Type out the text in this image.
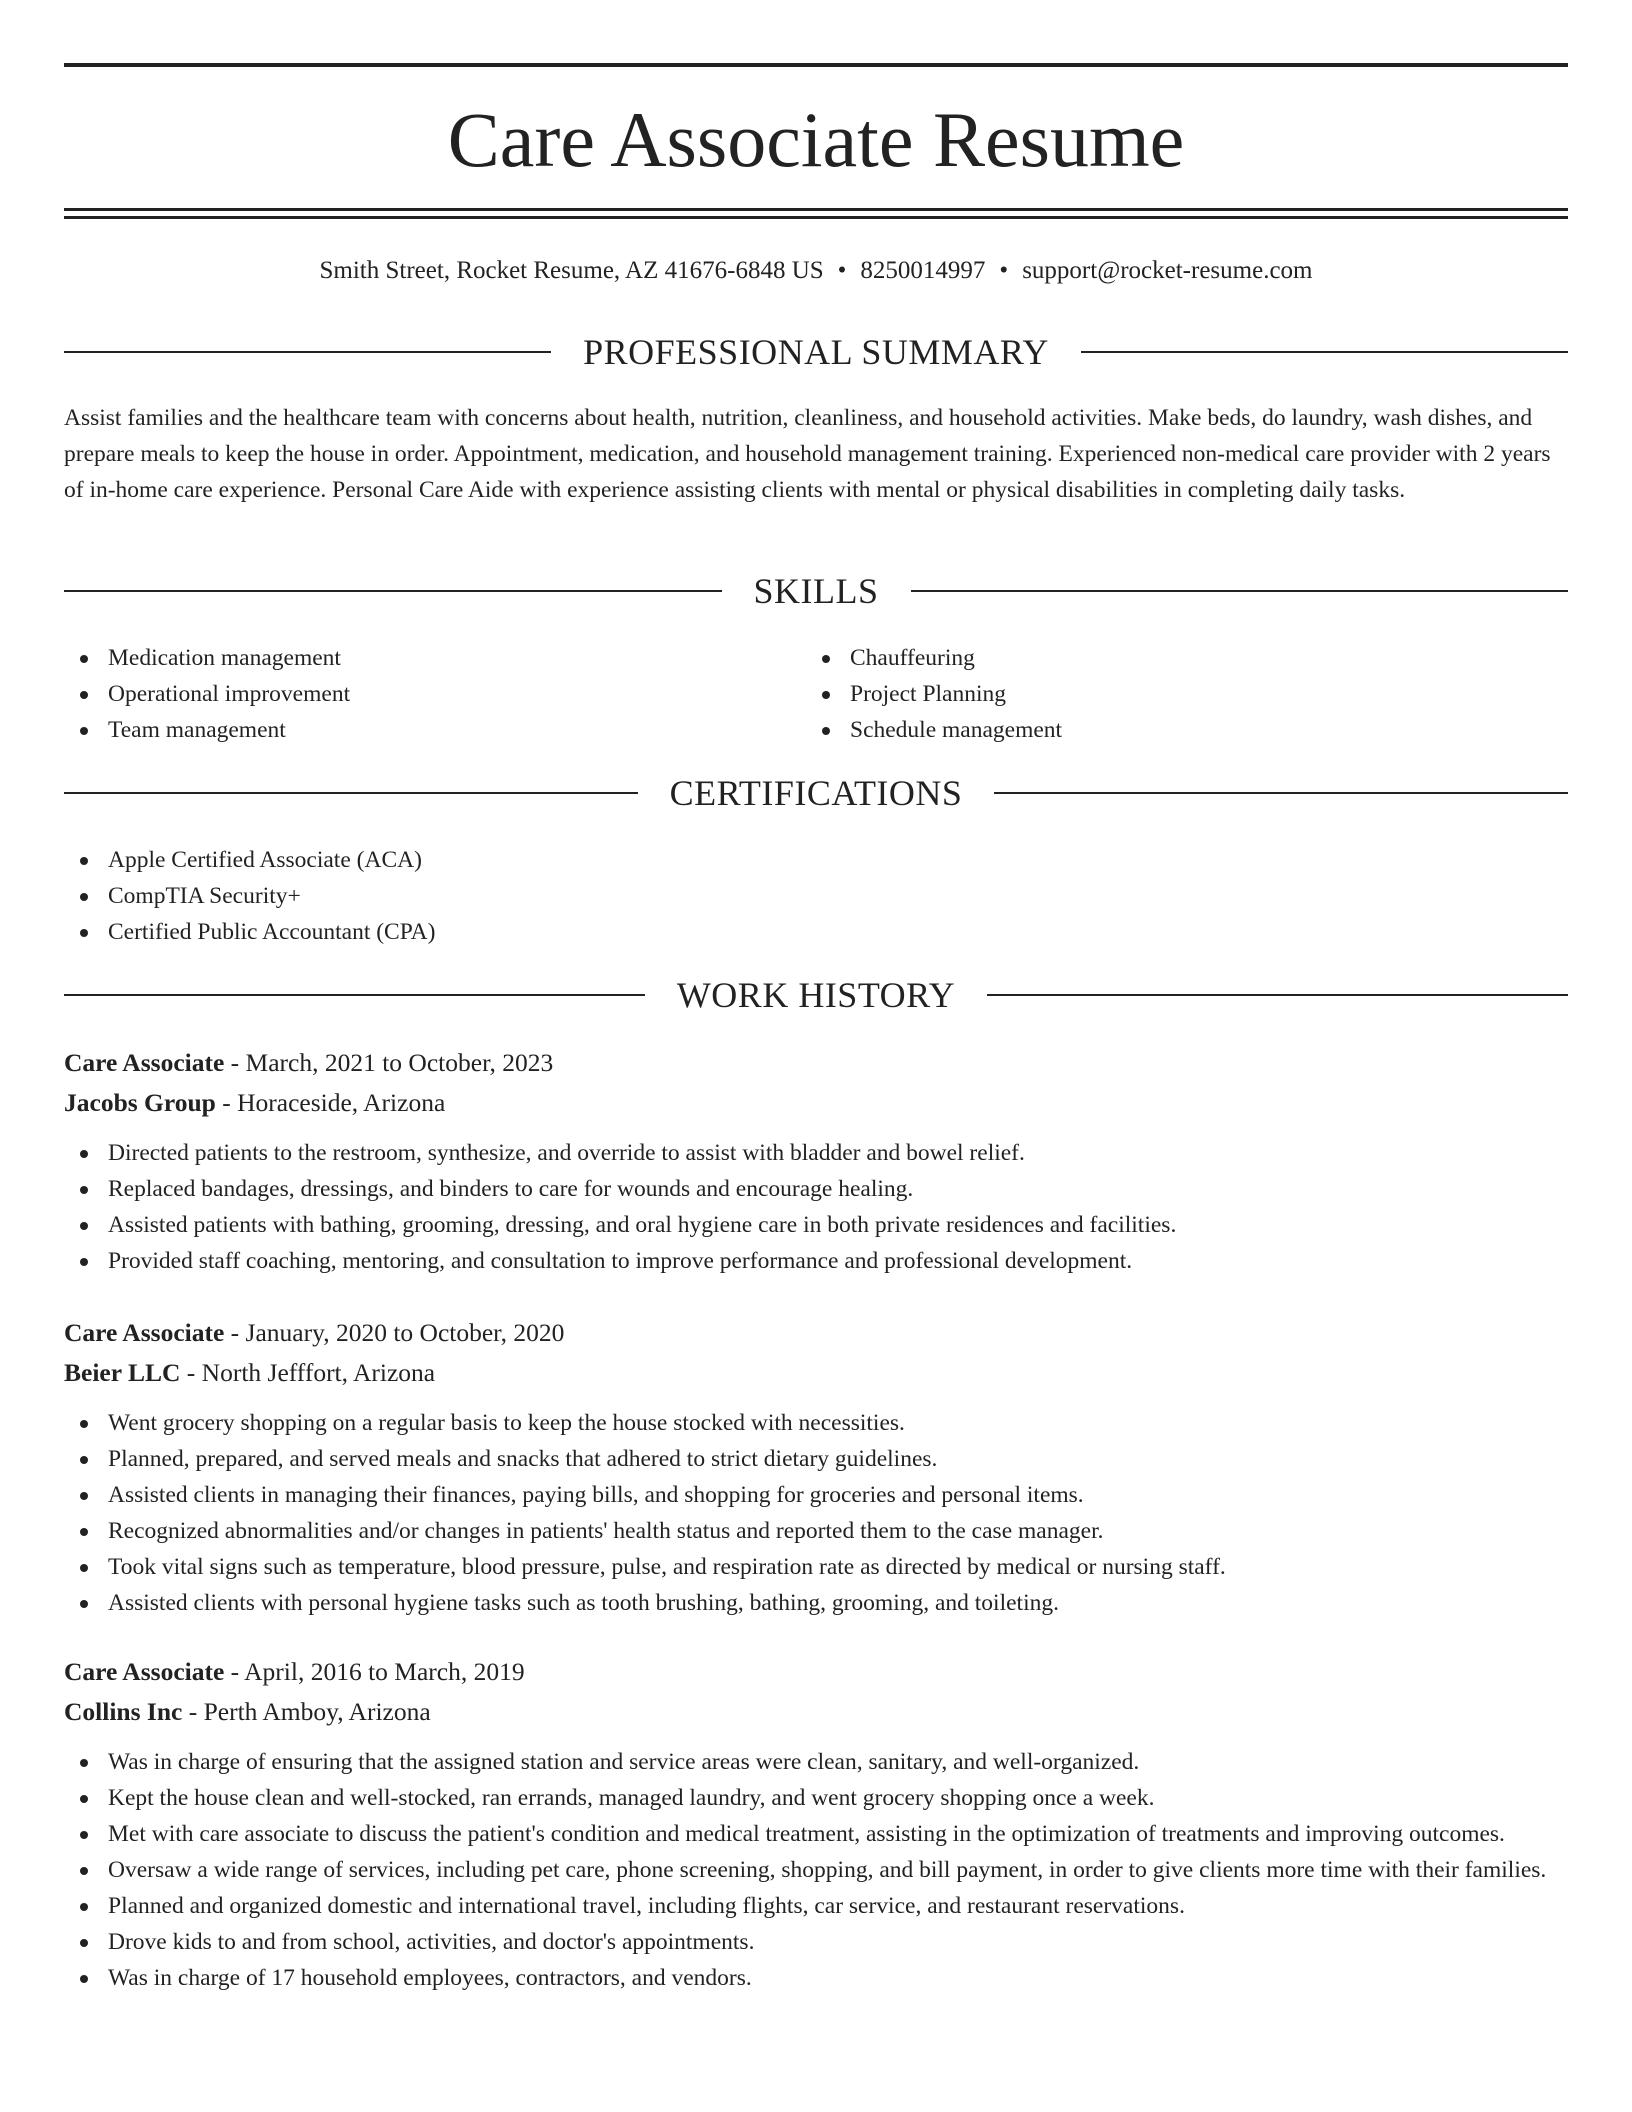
Care Associate Resume
Smith Street, Rocket Resume, AZ 41676-6848 US • 8250014997 • support@rocket-resume.com
PROFESSIONAL SUMMARY

Assist families and the healthcare team with concerns about health, nutrition, cleanliness, and household activities. Make beds, do laundry, wash dishes, and prepare meals to keep the house in order. Appointment, medication, and household management training. Experienced non-medical care provider with 2 years of in-home care experience. Personal Care Aide with experience assisting clients with mental or physical disabilities in completing daily tasks.

SKILLS
Medication management
Operational improvement
Team management
Chauffeuring
Project Planning
Schedule management
CERTIFICATIONS
Apple Certified Associate (ACA)
CompTIA Security+
Certified Public Accountant (CPA)
WORK HISTORY
Care Associate - March, 2021 to October, 2023
Jacobs Group - Horaceside, Arizona
Directed patients to the restroom, synthesize, and override to assist with bladder and bowel relief.
Replaced bandages, dressings, and binders to care for wounds and encourage healing.
Assisted patients with bathing, grooming, dressing, and oral hygiene care in both private residences and facilities.
Provided staff coaching, mentoring, and consultation to improve performance and professional development.
Care Associate - January, 2020 to October, 2020
Beier LLC - North Jefffort, Arizona
Went grocery shopping on a regular basis to keep the house stocked with necessities.
Planned, prepared, and served meals and snacks that adhered to strict dietary guidelines.
Assisted clients in managing their finances, paying bills, and shopping for groceries and personal items.
Recognized abnormalities and/or changes in patients' health status and reported them to the case manager.
Took vital signs such as temperature, blood pressure, pulse, and respiration rate as directed by medical or nursing staff.
Assisted clients with personal hygiene tasks such as tooth brushing, bathing, grooming, and toileting.
Care Associate - April, 2016 to March, 2019
Collins Inc - Perth Amboy, Arizona
Was in charge of ensuring that the assigned station and service areas were clean, sanitary, and well-organized.
Kept the house clean and well-stocked, ran errands, managed laundry, and went grocery shopping once a week.
Met with care associate to discuss the patient's condition and medical treatment, assisting in the optimization of treatments and improving outcomes.
Oversaw a wide range of services, including pet care, phone screening, shopping, and bill payment, in order to give clients more time with their families.
Planned and organized domestic and international travel, including flights, car service, and restaurant reservations.
Drove kids to and from school, activities, and doctor's appointments.
Was in charge of 17 household employees, contractors, and vendors.
